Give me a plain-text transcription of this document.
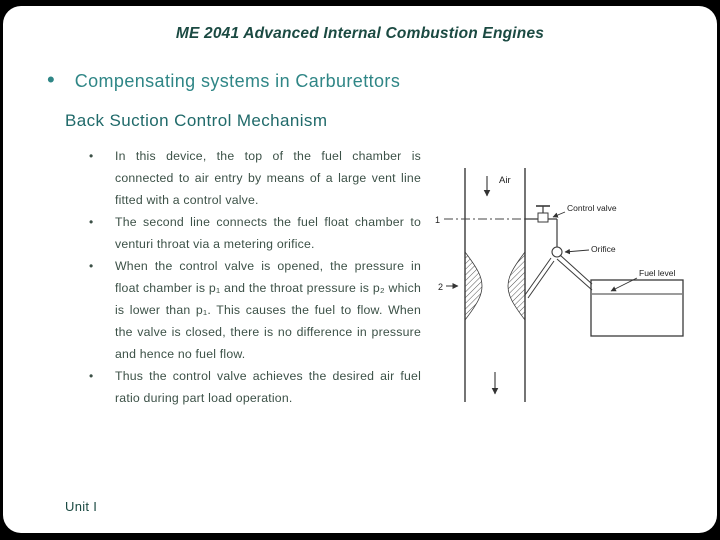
ME 2041 Advanced Internal Combustion Engines
•
Compensating systems in Carburettors
Back Suction Control Mechanism
•
In this device, the top of the fuel chamber is connected to air entry by means of a large vent line fitted with a control valve.
•
The second line connects the fuel float chamber to venturi throat via a metering orifice.
•
When the control valve is opened, the pressure in float chamber is p₁ and the throat pressure is p₂ which is lower than p₁. This causes the fuel to flow. When the valve is closed, there is no difference in pressure and hence no fuel flow.
•
Thus the control valve achieves the desired air fuel ratio during part load operation.
Air
1
2
Control valve
Orifice
Fuel level
Unit I
